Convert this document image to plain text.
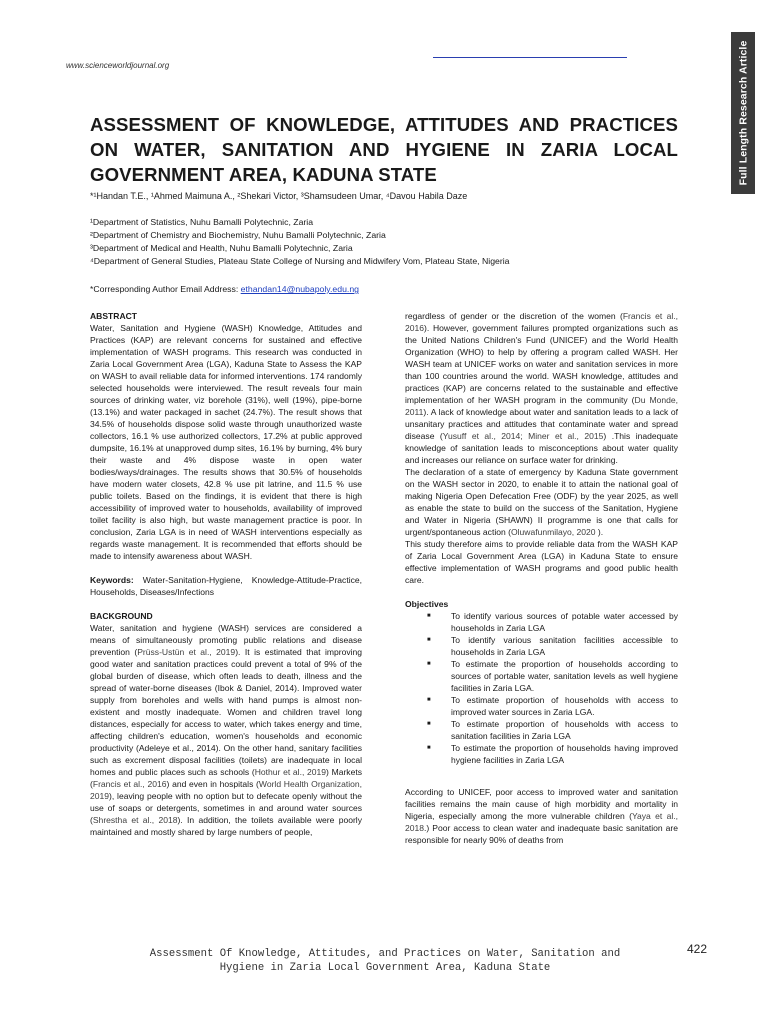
www.scienceworldjournal.org	Full Length Research Article
ASSESSMENT OF KNOWLEDGE, ATTITUDES AND PRACTICES ON WATER, SANITATION AND HYGIENE IN ZARIA LOCAL GOVERNMENT AREA, KADUNA STATE
*¹Handan T.E., ¹Ahmed Maimuna A., ²Shekari Victor, ³Shamsudeen Umar, ⁴Davou Habila Daze
¹Department of Statistics, Nuhu Bamalli Polytechnic, Zaria
²Department of Chemistry and Biochemistry, Nuhu Bamalli Polytechnic, Zaria
³Department of Medical and Health, Nuhu Bamalli Polytechnic, Zaria
⁴Department of General Studies, Plateau State College of Nursing and Midwifery Vom, Plateau State, Nigeria
*Corresponding Author Email Address: ethandan14@nubapoly.edu.ng

ABSTRACT

Water, Sanitation and Hygiene (WASH) Knowledge, Attitudes and Practices (KAP) are relevant concerns for sustained and effective implementation of WASH programs. This research was conducted in Zaria Local Government Area (LGA), Kaduna State to Assess the KAP on WASH to avail reliable data for informed interventions. 174 randomly selected households were interviewed. The result reveals four main sources of drinking water, viz borehole (31%), well (19%), pipe-borne (13.1%) and water packaged in sachet (24.7%). The result shows that 34.5% of households dispose solid waste through unauthorized waste collectors, 16.1 % use authorized collectors, 17.2% at public approved dumpsite, 16.1% at unapproved dump sites, 16.1% by burning, 4% bury their waste and 4% dispose waste in open water bodies/ways/drainages. The results shows that 30.5% of households have modern water closets, 42.8 % use pit latrine, and 11.5 % use public toilets. Based on the findings, it is evident that there is high accessibility of improved water to households, availability of improved toilet facility is also high, but waste management practice is poor. In conclusion, Zaria LGA is in need of WASH interventions especially as regards waste management. It is recommended that efforts should be made to intensify awareness about WASH.

Keywords: Water-Sanitation-Hygiene, Knowledge-Attitude-Practice, Households, Diseases/Infections

BACKGROUND

Water, sanitation and hygiene (WASH) services are considered a means of simultaneously promoting public relations and disease prevention (Prüss-Ustün et al., 2019). It is estimated that improving good water and sanitation practices could prevent a total of 9% of the global burden of disease, which often leads to death, illness and the spread of water-borne diseases (Ibok & Daniel, 2014). Improved water supply from boreholes and wells with hand pumps is almost non-existent and mostly inadequate. Women and children travel long distances, especially for access to water, which takes energy and time, affecting children's education, women's households and economic productivity (Adeleye et al., 2014). On the other hand, sanitary facilities such as excrement disposal facilities (toilets) are inadequate in local homes and public places such as schools (Hothur et al., 2019) Markets (Francis et al., 2016) and even in hospitals (World Health Organization, 2019), leaving people with no option but to defecate openly without the use of soaps or detergents, sometimes in and around water sources (Shrestha et al., 2018). In addition, the toilets available were poorly maintained and mostly shared by large numbers of people,

regardless of gender or the discretion of the women (Francis et al., 2016). However, government failures prompted organizations such as the United Nations Children's Fund (UNICEF) and the World Health Organization (WHO) to help by offering a program called WASH. Her WASH team at UNICEF works on water and sanitation services in more than 100 countries around the world. WASH knowledge, attitudes and practices (KAP) are concerns related to the sustainable and effective implementation of her WASH program in the community (Du Monde, 2011). A lack of knowledge about water and sanitation leads to a lack of unsanitary practices and attitudes that contaminate water and spread disease (Yusuff et al., 2014; Miner et al., 2015) .This inadequate knowledge of sanitation leads to misconceptions about water quality and increases our reliance on surface water for drinking.

The declaration of a state of emergency by Kaduna State government on the WASH sector in 2020, to enable it to attain the national goal of making Nigeria Open Defecation Free (ODF) by the year 2025, as well as enable the state to build on the success of the Sanitation, Hygiene and Water in Nigeria (SHAWN) II programme is one that calls for urgent/spontaneous action (Oluwafunmilayo, 2020 ).

This study therefore aims to provide reliable data from the WASH KAP of Zaria Local Government Area (LGA) in Kaduna State to ensure effective implementation of WASH programs and good public health care.

Objectives

■ To identify various sources of potable water accessed by households in Zaria LGA
■ To identify various sanitation facilities accessible to households in Zaria LGA
■ To estimate the proportion of households according to sources of portable water, sanitation levels as well hygiene facilities in Zaria LGA.
■ To estimate proportion of households with access to improved water sources in Zaria LGA.
■ To estimate proportion of households with access to sanitation facilities in Zaria LGA
■ To estimate the proportion of households having improved hygiene facilities in Zaria LGA

According to UNICEF, poor access to improved water and sanitation facilities remains the main cause of high morbidity and mortality in Nigeria, especially among the more vulnerable children (Yaya et al., 2018.) Poor access to clean water and inadequate basic sanitation are responsible for nearly 90% of deaths from

Assessment Of Knowledge, Attitudes, and Practices on Water, Sanitation and
Hygiene in Zaria Local Government Area, Kaduna State
422
